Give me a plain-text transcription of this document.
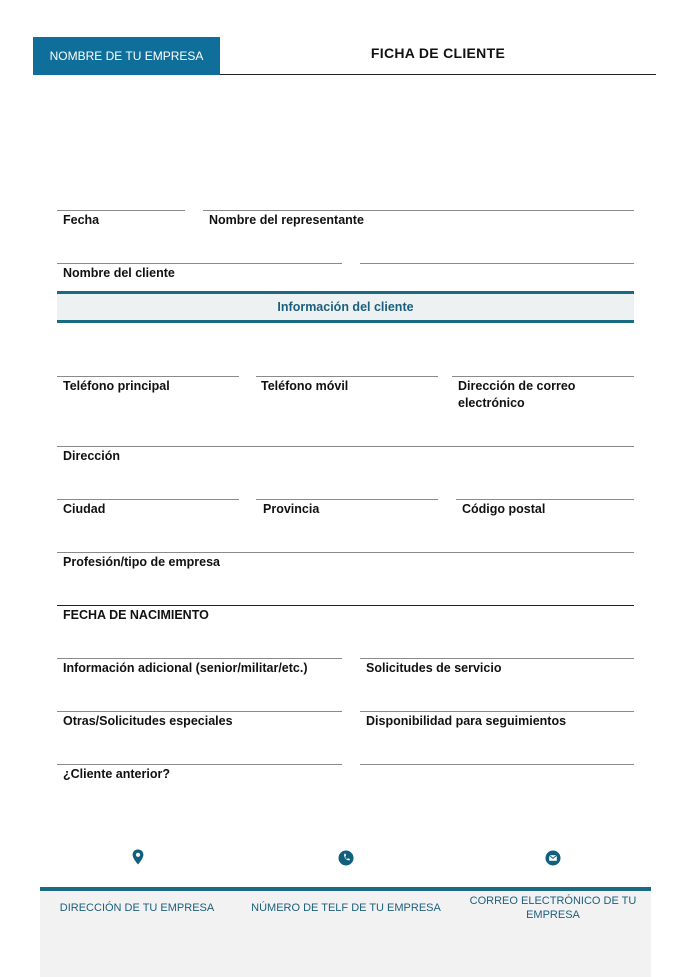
NOMBRE DE TU EMPRESA	FICHA DE CLIENTE
Fecha	Nombre del representante
Nombre del cliente
Información del cliente
Teléfono principal	Teléfono móvil	Dirección de correo electrónico
Dirección
Ciudad	Provincia	Código postal
Profesión/tipo de empresa
FECHA DE NACIMIENTO
Información adicional (senior/militar/etc.)	Solicitudes de servicio
Otras/Solicitudes especiales	Disponibilidad para seguimientos
¿Cliente anterior?
DIRECCIÓN DE TU EMPRESA	NÚMERO DE TELF DE TU EMPRESA
CORREO ELECTRÓNICO DE TU EMPRESA
